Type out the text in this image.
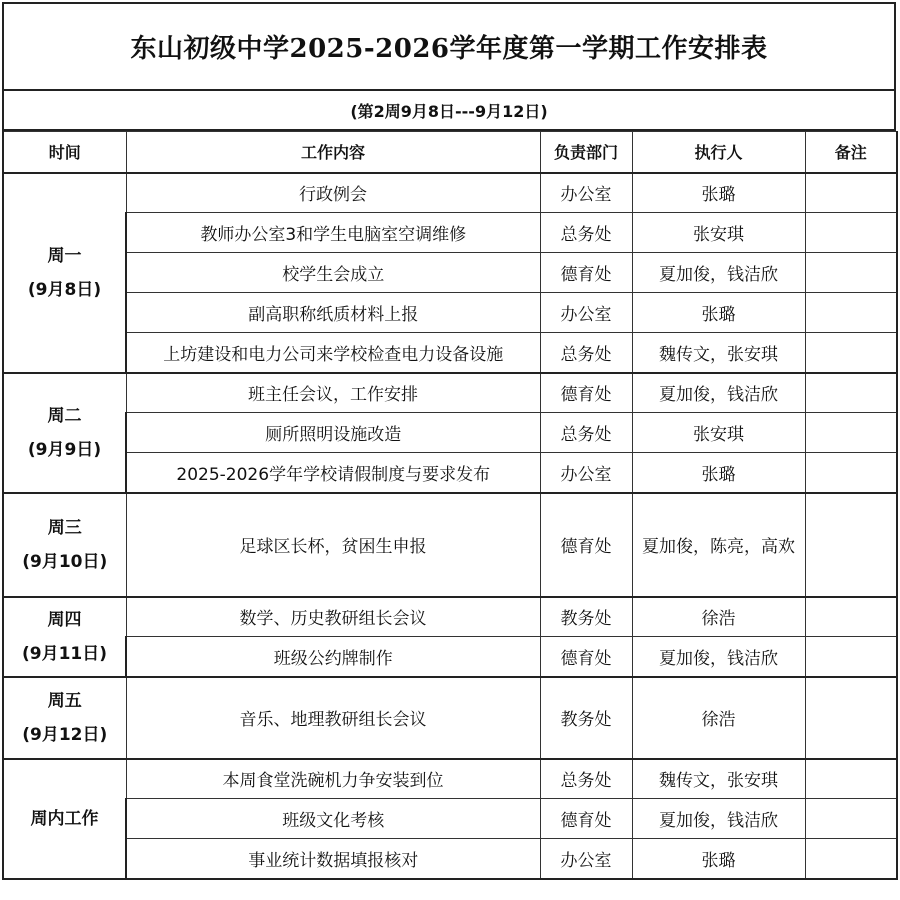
东山初级中学2025-2026学年度第一学期工作安排表
(第2周9月8日---9月12日)
时间	工作内容	负责部门	执行人	备注

周一
(9月8日)	行政例会	办公室	张璐	
	教师办公室3和学生电脑室空调维修	总务处	张安琪	
	校学生会成立	德育处	夏加俊，钱洁欣	
	副高职称纸质材料上报	办公室	张璐	
	上坊建设和电力公司来学校检查电力设备设施	总务处	魏传文，张安琪	

周二
(9月9日)	班主任会议，工作安排	德育处	夏加俊，钱洁欣	
	厕所照明设施改造	总务处	张安琪	
	2025-2026学年学校请假制度与要求发布	办公室	张璐	

周三
(9月10日)	足球区长杯，贫困生申报	德育处	夏加俊，陈亮，高欢	

周四
(9月11日)	数学、历史教研组长会议	教务处	徐浩	
	班级公约牌制作	德育处	夏加俊，钱洁欣	

周五
(9月12日)	音乐、地理教研组长会议	教务处	徐浩	

周内工作	本周食堂洗碗机力争安装到位	总务处	魏传文，张安琪	
	班级文化考核	德育处	夏加俊，钱洁欣	
	事业统计数据填报核对	办公室	张璐	
